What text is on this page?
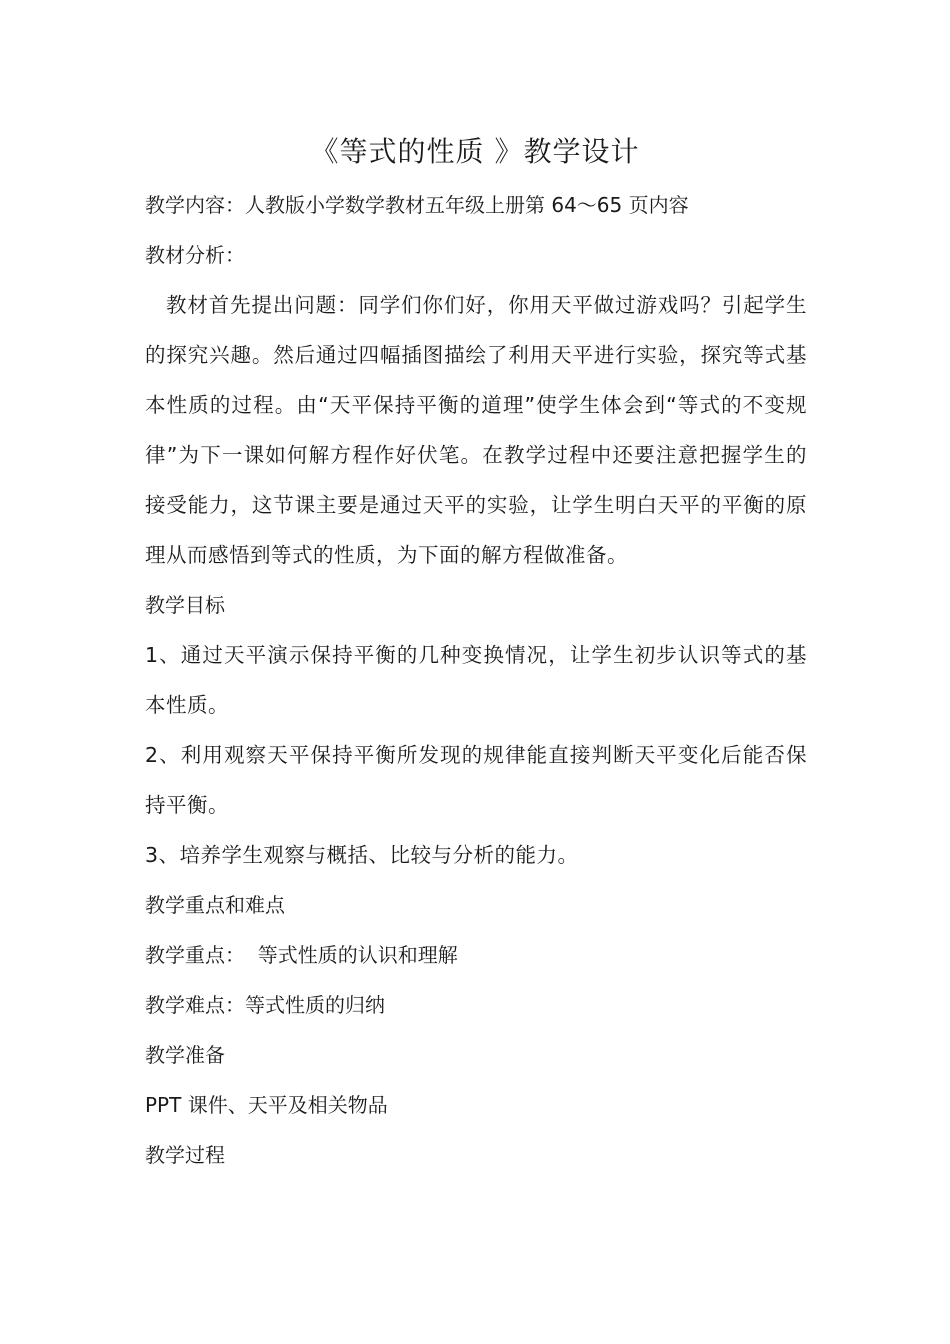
《等式的性质 》教学设计
教学内容：人教版小学数学教材五年级上册第 64～65 页内容
教材分析：
教材首先提出问题：同学们你们好，你用天平做过游戏吗？引起学生的探究兴趣。然后通过四幅插图描绘了利用天平进行实验，探究等式基本性质的过程。由“天平保持平衡的道理”使学生体会到“等式的不变规律”为下一课如何解方程作好伏笔。在教学过程中还要注意把握学生的接受能力，这节课主要是通过天平的实验，让学生明白天平的平衡的原理从而感悟到等式的性质，为下面的解方程做准备。
教学目标
1、通过天平演示保持平衡的几种变换情况，让学生初步认识等式的基本性质。
2、利用观察天平保持平衡所发现的规律能直接判断天平变化后能否保持平衡。
3、培养学生观察与概括、比较与分析的能力。
教学重点和难点
教学重点：  等式性质的认识和理解
教学难点：等式性质的归纳
教学准备
PPT 课件、天平及相关物品
教学过程
